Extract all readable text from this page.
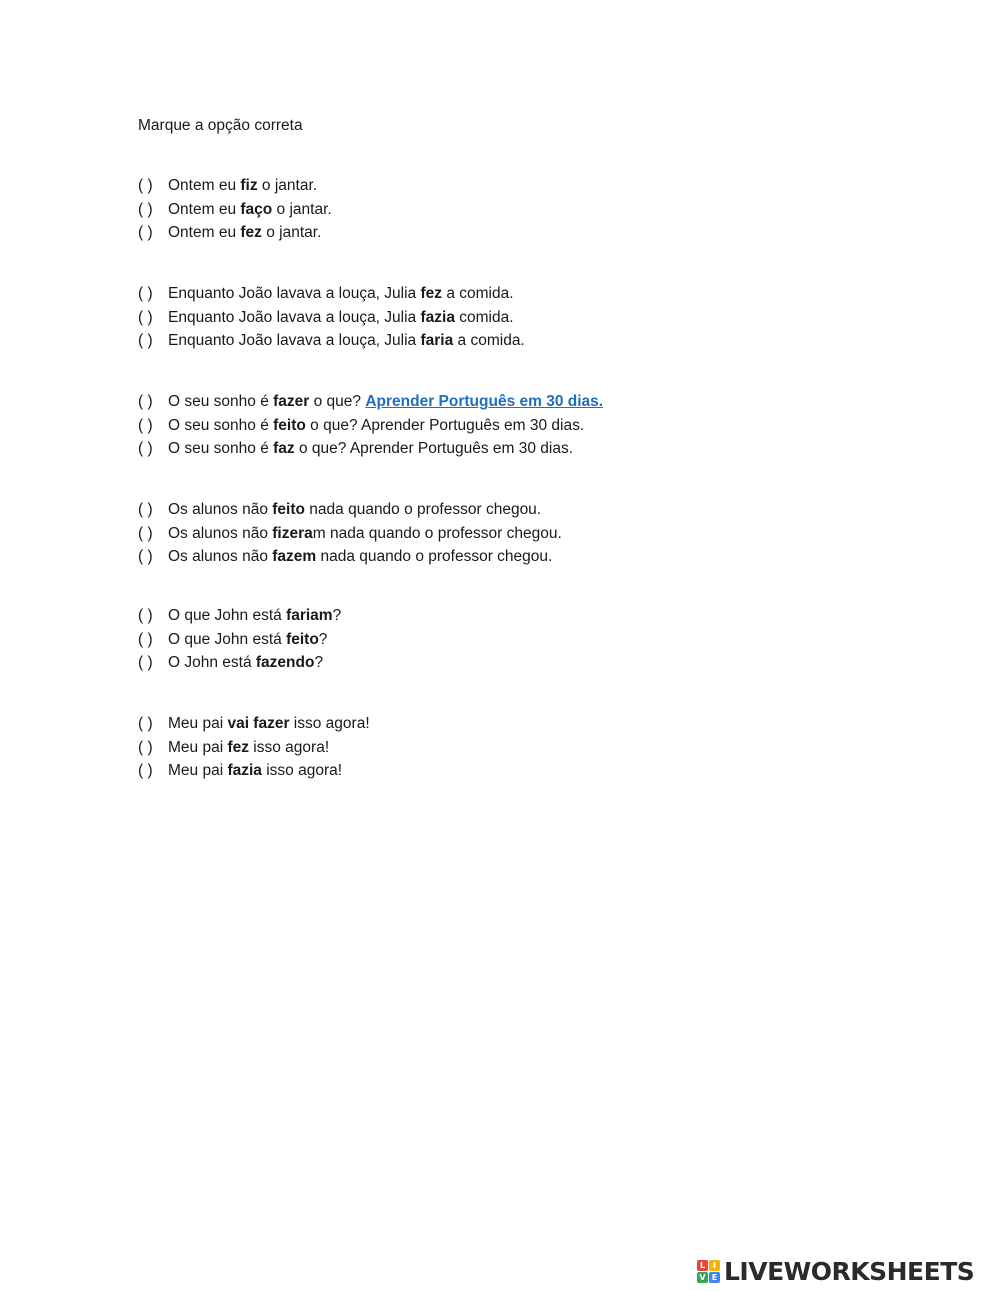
Marque a opção correta
( ) Ontem eu fiz o jantar.
( ) Ontem eu faço o jantar.
( ) Ontem eu fez o jantar.
( ) Enquanto João lavava a louça, Julia fez a comida.
( ) Enquanto João lavava a louça, Julia fazia comida.
( ) Enquanto João lavava a louça, Julia faria a comida.
( ) O seu sonho é fazer o que? Aprender Português em 30 dias.
( ) O seu sonho é feito o que? Aprender Português em 30 dias.
( ) O seu sonho é faz o que? Aprender Português em 30 dias.
( ) Os alunos não feito nada quando o professor chegou.
( ) Os alunos não fizeram nada quando o professor chegou.
( ) Os alunos não fazem nada quando o professor chegou.
( ) O que John está fariam?
( ) O que John está feito?
( ) O John está fazendo?
( ) Meu pai vai fazer isso agora!
( ) Meu pai fez isso agora!
( ) Meu pai fazia isso agora!
L I
V E LIVEWORKSHEETS
